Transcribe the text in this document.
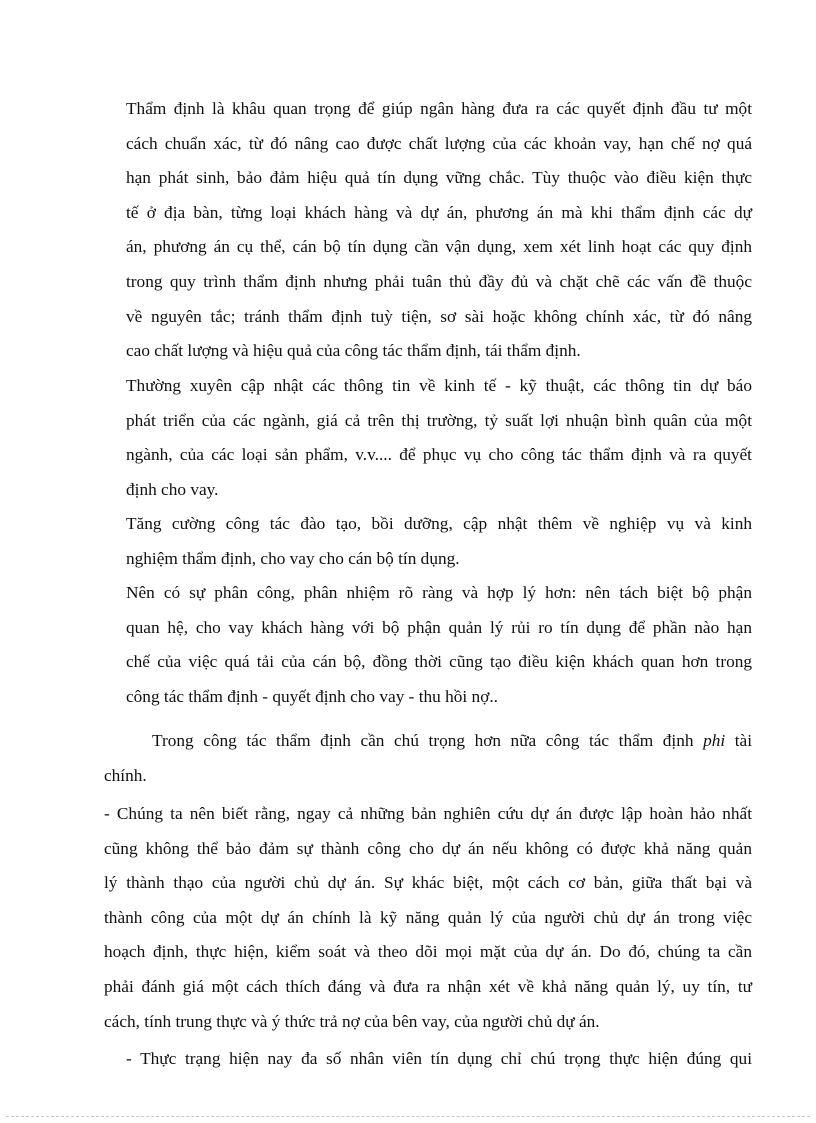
Thẩm định là khâu quan trọng để giúp ngân hàng đưa ra các quyết định đầu tư một
cách chuẩn xác, từ đó nâng cao được chất lượng của các khoản vay, hạn chế nợ quá
hạn phát sinh, bảo đảm hiệu quả tín dụng vững chắc. Tùy thuộc vào điều kiện thực
tế ở địa bàn, từng loại khách hàng và dự án, phương án mà khi thẩm định các dự
án, phương án cụ thể, cán bộ tín dụng cần vận dụng, xem xét linh hoạt các quy định
trong quy trình thẩm định nhưng phải tuân thủ đầy đủ và chặt chẽ các vấn đề thuộc
về nguyên tắc; tránh thẩm định tuỳ tiện, sơ sài hoặc không chính xác, từ đó nâng
cao chất lượng và hiệu quả của công tác thẩm định, tái thẩm định.
Thường xuyên cập nhật các thông tin về kinh tế - kỹ thuật, các thông tin dự báo
phát triển của các ngành, giá cả trên thị trường, tỷ suất lợi nhuận bình quân của một
ngành, của các loại sản phẩm, v.v.... để phục vụ cho công tác thẩm định và ra quyết
định cho vay.
Tăng cường công tác đào tạo, bồi dưỡng, cập nhật thêm về nghiệp vụ và kinh
nghiệm thẩm định, cho vay cho cán bộ tín dụng.
Nên có sự phân công, phân nhiệm rõ ràng và hợp lý hơn: nên tách biệt bộ phận
quan hệ, cho vay khách hàng với bộ phận quản lý rủi ro tín dụng để phần nào hạn
chế của việc quá tải của cán bộ, đồng thời cũng tạo điều kiện khách quan hơn trong
công tác thẩm định - quyết định cho vay - thu hồi nợ..
Trong công tác thẩm định cần chú trọng hơn nữa công tác thẩm định phi tài
chính.
- Chúng ta nên biết rằng, ngay cả những bản nghiên cứu dự án được lập hoàn hảo nhất
cũng không thể bảo đảm sự thành công cho dự án nếu không có được khả năng quản
lý thành thạo của người chủ dự án. Sự khác biệt, một cách cơ bản, giữa thất bại và
thành công của một dự án chính là kỹ năng quản lý của người chủ dự án trong việc
hoạch định, thực hiện, kiểm soát và theo dõi mọi mặt của dự án. Do đó, chúng ta cần
phải đánh giá một cách thích đáng và đưa ra nhận xét về khả năng quản lý, uy tín, tư
cách, tính trung thực và ý thức trả nợ của bên vay, của người chủ dự án.
- Thực trạng hiện nay đa số nhân viên tín dụng chỉ chú trọng thực hiện đúng qui
